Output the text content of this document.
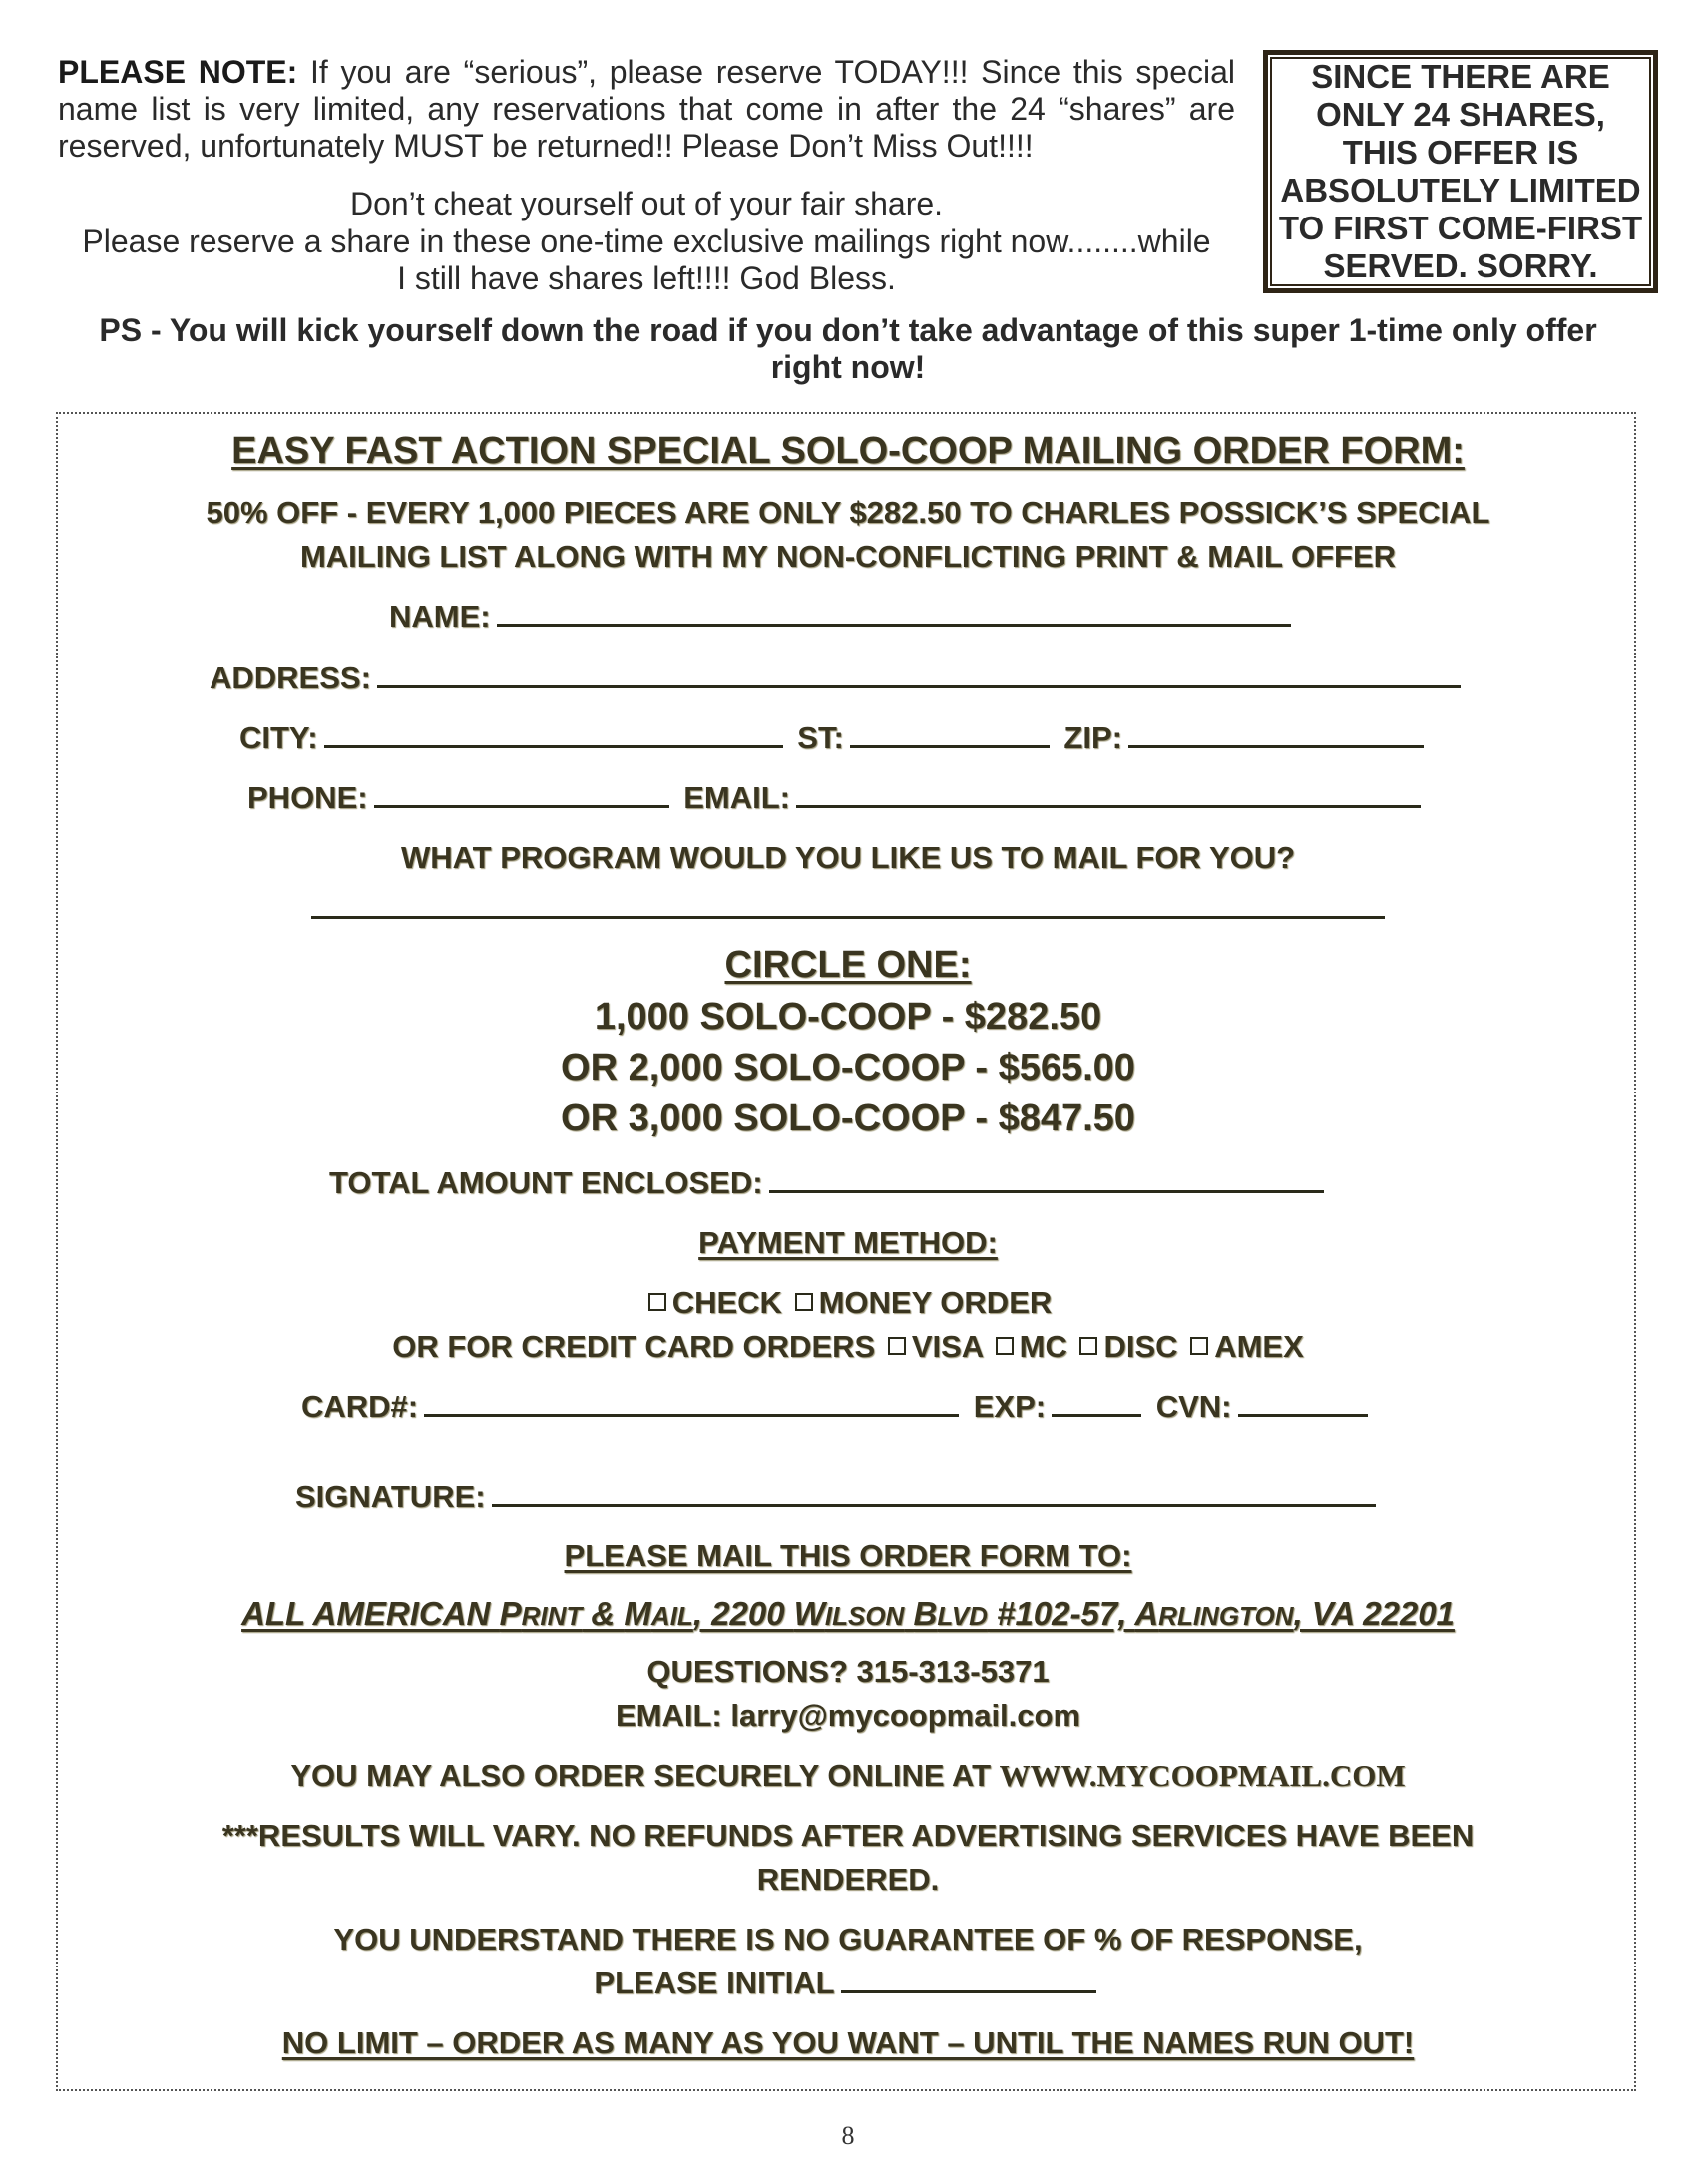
PLEASE NOTE: If you are “serious”, please reserve TODAY!!! Since this special name list is very limited, any reservations that come in after the 24 “shares” are reserved, unfortunately MUST be returned!! Please Don’t Miss Out!!!!
Don’t cheat yourself out of your fair share.
Please reserve a share in these one-time exclusive mailings right now........while
I still have shares left!!!! God Bless.
SINCE THERE ARE ONLY 24 SHARES, THIS OFFER IS ABSOLUTELY LIMITED TO FIRST COME-FIRST SERVED. SORRY.
PS - You will kick yourself down the road if you don’t take advantage of this super 1-time only offer right now!
EASY FAST ACTION SPECIAL SOLO-COOP MAILING ORDER FORM:
50% OFF - EVERY 1,000 PIECES ARE ONLY $282.50 TO CHARLES POSSICK’S SPECIAL
MAILING LIST ALONG WITH MY NON-CONFLICTING PRINT & MAIL OFFER
NAME:
ADDRESS:
CITY:	ST:	ZIP:
PHONE:	EMAIL:
WHAT PROGRAM WOULD YOU LIKE US TO MAIL FOR YOU?
CIRCLE ONE:
1,000 SOLO-COOP - $282.50
OR 2,000 SOLO-COOP - $565.00
OR 3,000 SOLO-COOP - $847.50
TOTAL AMOUNT ENCLOSED:
PAYMENT METHOD:
CHECK MONEY ORDER
OR FOR CREDIT CARD ORDERS VISA MC DISC AMEX
CARD#:	EXP:	CVN:
SIGNATURE:
PLEASE MAIL THIS ORDER FORM TO:
ALL AMERICAN PRINT & MAIL, 2200 WILSON BLVD #102-57, ARLINGTON, VA 22201
QUESTIONS? 315-313-5371
EMAIL: larry@mycoopmail.com
YOU MAY ALSO ORDER SECURELY ONLINE AT WWW.MYCOOPMAIL.COM
***RESULTS WILL VARY. NO REFUNDS AFTER ADVERTISING SERVICES HAVE BEEN
RENDERED.
YOU UNDERSTAND THERE IS NO GUARANTEE OF % OF RESPONSE,
PLEASE INITIAL
NO LIMIT – ORDER AS MANY AS YOU WANT – UNTIL THE NAMES RUN OUT!
8
